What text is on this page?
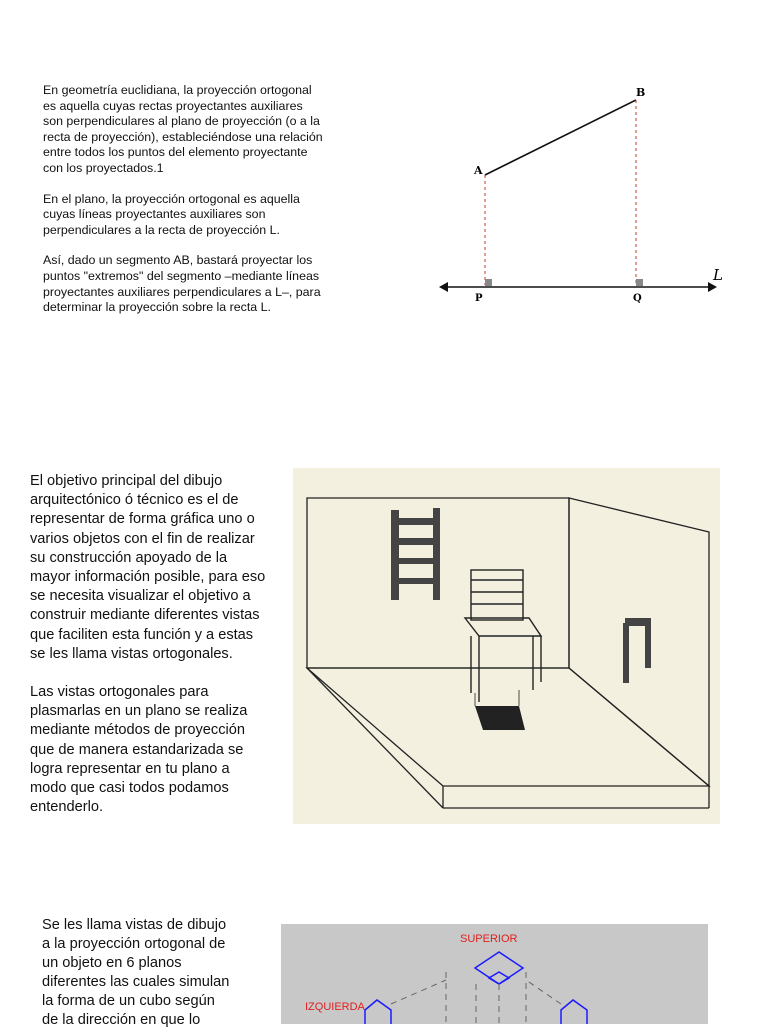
En geometría euclidiana, la proyección ortogonal
es aquella cuyas rectas proyectantes auxiliares
son perpendiculares al plano de proyección (o a la
recta de proyección), estableciéndose una relación
entre todos los puntos del elemento proyectante
con los proyectados.1

En el plano, la proyección ortogonal es aquella
cuyas líneas proyectantes auxiliares son
perpendiculares a la recta de proyección L.

Así, dado un segmento AB, bastará proyectar los
puntos "extremos" del segmento –mediante líneas
proyectantes auxiliares perpendiculares a L–, para
determinar la proyección sobre la recta L.

A
B
P	Q
L

El objetivo principal del dibujo
arquitectónico ó técnico es el de
representar de forma gráfica uno o
varios objetos con el fin de realizar
su construcción apoyado de la
mayor información posible, para eso
se necesita visualizar el objetivo a
construir mediante diferentes vistas
que faciliten esta función y a estas
se les llama vistas ortogonales.

Las vistas ortogonales para
plasmarlas en un plano se realiza
mediante métodos de proyección
que de manera estandarizada se
logra representar en tu plano a
modo que casi todos podamos
entenderlo.

Se les llama vistas de dibujo
a la proyección ortogonal de
un objeto en 6 planos
diferentes las cuales simulan
la forma de un cubo según
de la dirección en que lo

SUPERIOR
IZQUIERDA
